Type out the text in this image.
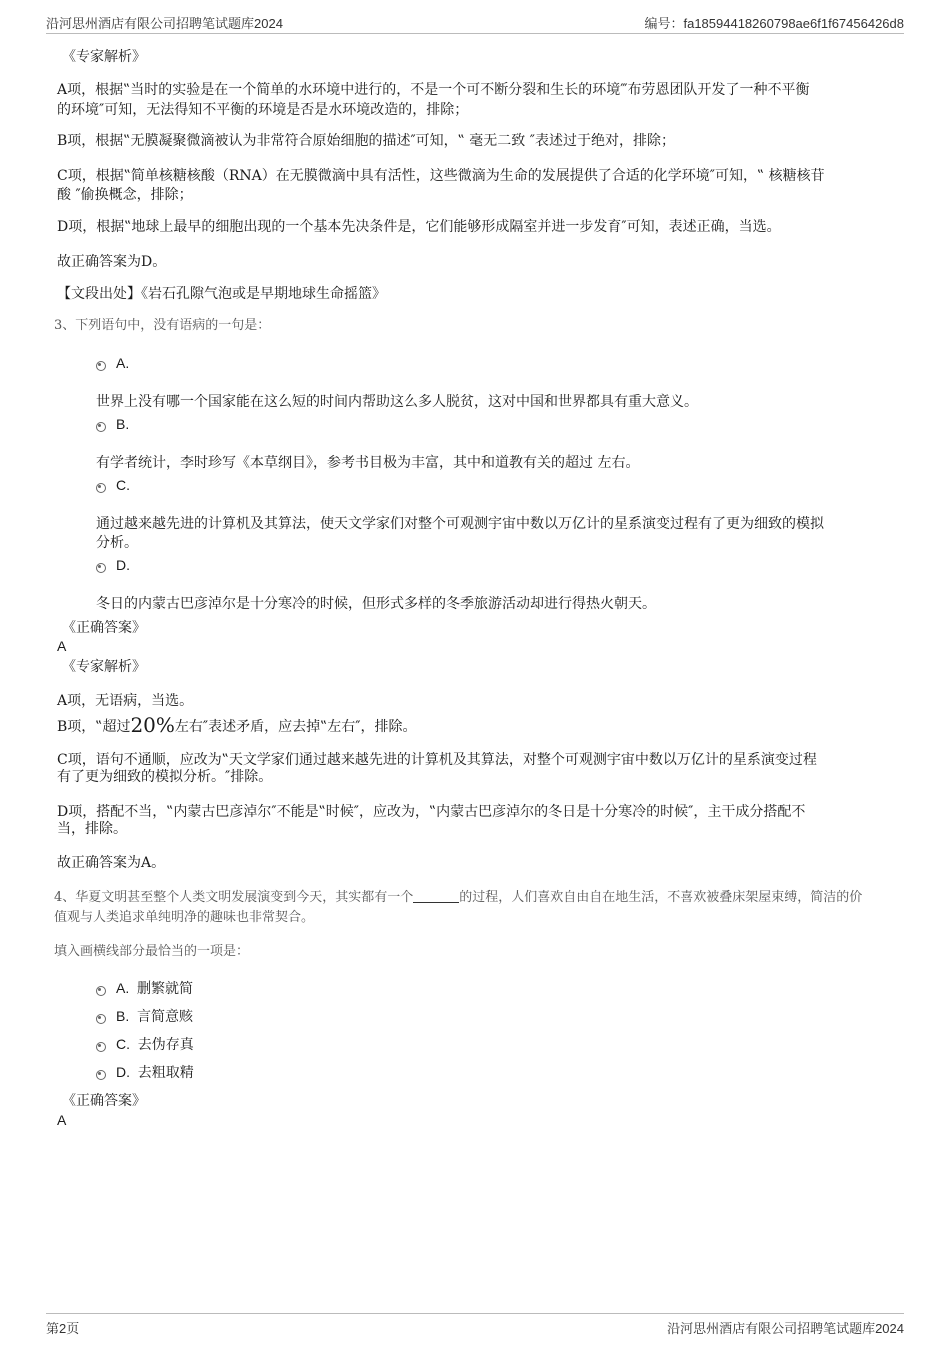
沿河思州酒店有限公司招聘笔试题库2024	编号：fa18594418260798ae6f1f67456426d8
《专家解析》
A项，根据‟当时的实验是在一个简单的水环境中进行的，不是一个可不断分裂和生长的环境‴布劳恩团队开发了一种不平衡
的环境″可知，无法得知不平衡的环境是否是水环境改造的，排除；
B项，根据‟无膜凝聚微滴被认为非常符合原始细胞的描述″可知，‟ 毫无二致 ″表述过于绝对，排除；
C项，根据‟简单核糖核酸（RNA）在无膜微滴中具有活性，这些微滴为生命的发展提供了合适的化学环境″可知，‟ 核糖核苷
酸 ″偷换概念，排除；
D项，根据‟地球上最早的细胞出现的一个基本先决条件是，它们能够形成隔室并进一步发育″可知，表述正确，当选。
故正确答案为D。
【文段出处】《岩石孔隙气泡或是早期地球生命摇篮》
3、下列语句中，没有语病的一句是：
A.
世界上没有哪一个国家能在这么短的时间内帮助这么多人脱贫，这对中国和世界都具有重大意义。
B.
有学者统计，李时珍写《本草纲目》，参考书目极为丰富，其中和道教有关的超过 左右。
C.
通过越来越先进的计算机及其算法，使天文学家们对整个可观测宇宙中数以万亿计的星系演变过程有了更为细致的模拟
分析。
D.
冬日的内蒙古巴彦淖尔是十分寒冷的时候，但形式多样的冬季旅游活动却进行得热火朝天。
《正确答案》
A
《专家解析》
A项，无语病，当选。
B项，‟超过20%左右″表述矛盾，应去掉‟左右″，排除。
C项，语句不通顺，应改为‟天文学家们通过越来越先进的计算机及其算法，对整个可观测宇宙中数以万亿计的星系演变过程
有了更为细致的模拟分析。″排除。
D项，搭配不当，‟内蒙古巴彦淖尔″不能是‟时候″，应改为，‟内蒙古巴彦淖尔的冬日是十分寒冷的时候″，主干成分搭配不
当，排除。
故正确答案为A。
4、华夏文明甚至整个人类文明发展演变到今天，其实都有一个	的过程，人们喜欢自由自在地生活，不喜欢被叠床架屋束缚，简洁的价
值观与人类追求单纯明净的趣味也非常契合。
填入画横线部分最恰当的一项是：
A. 删繁就简
B. 言简意赅
C. 去伪存真
D. 去粗取精
《正确答案》
A
第2页	沿河思州酒店有限公司招聘笔试题库2024
